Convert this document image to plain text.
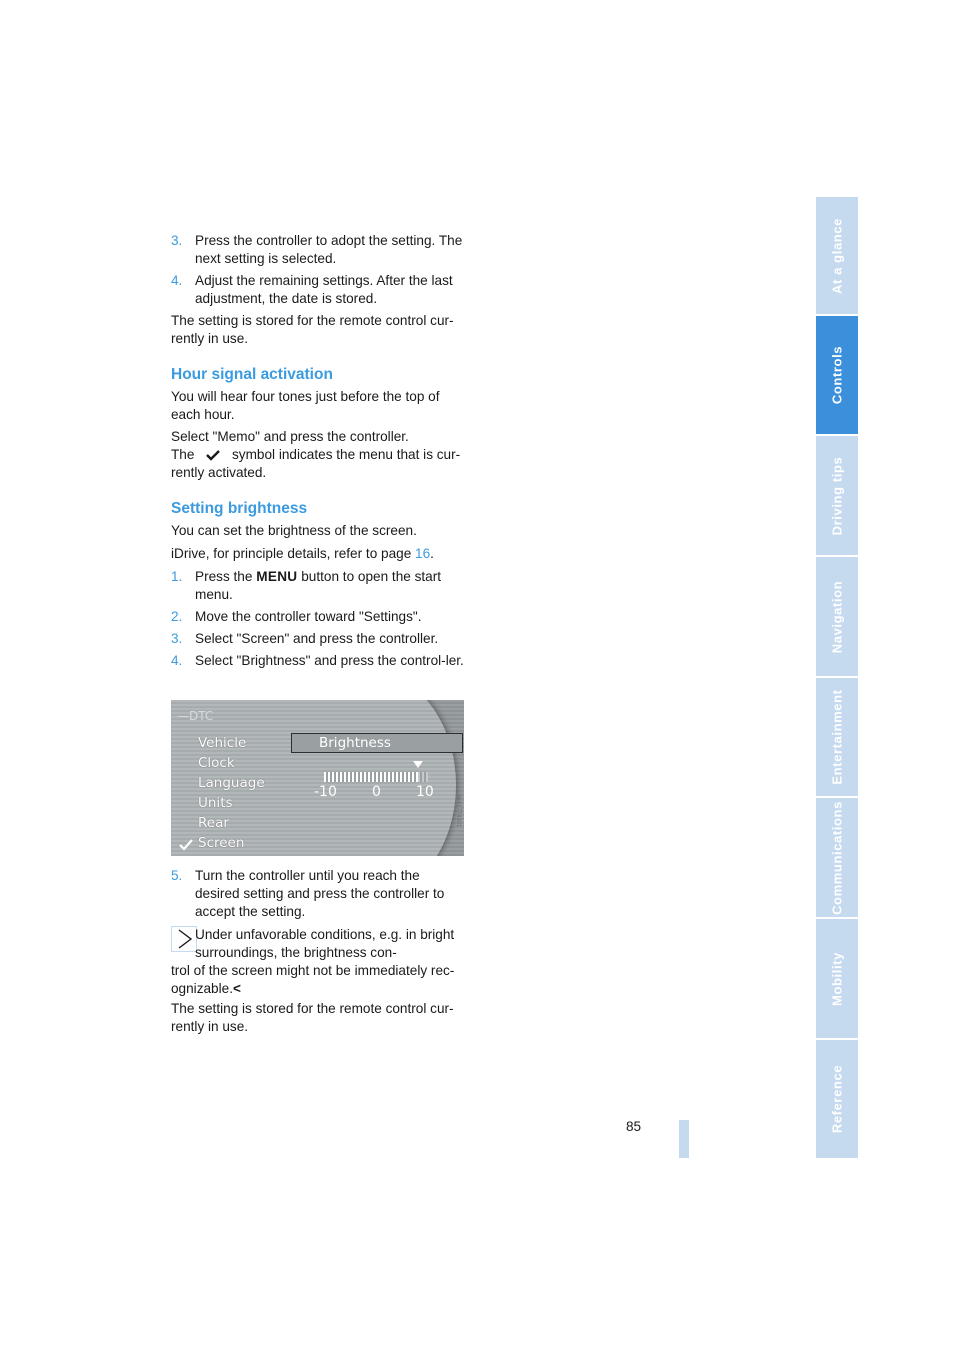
3. Press the controller to adopt the setting. The next setting is selected.
4. Adjust the remaining settings. After the last adjustment, the date is stored.
The setting is stored for the remote control cur-rently in use.
Hour signal activation
You will hear four tones just before the top of each hour.
Select "Memo" and press the controller.
The	symbol indicates the menu that is cur-
rently activated.
Setting brightness
You can set the brightness of the screen.
iDrive, for principle details, refer to page 16.
1. Press the MENU button to open the start menu.
2. Move the controller toward "Settings".
3. Select "Screen" and press the controller.
4. Select "Brightness" and press the control-ler.
—DTC
Vehicle
Clock
Language
Units
Rear
Screen
Brightness
-10	0	10
W41774301
5. Turn the controller until you reach the desired setting and press the controller to accept the setting.
Under unfavorable conditions, e.g. in bright surroundings, the brightness con-
trol of the screen might not be immediately rec-ognizable.<
The setting is stored for the remote control cur-rently in use.
At a glance
Controls
Driving tips
Navigation
Entertainment
Communications
Mobility
Reference
85
